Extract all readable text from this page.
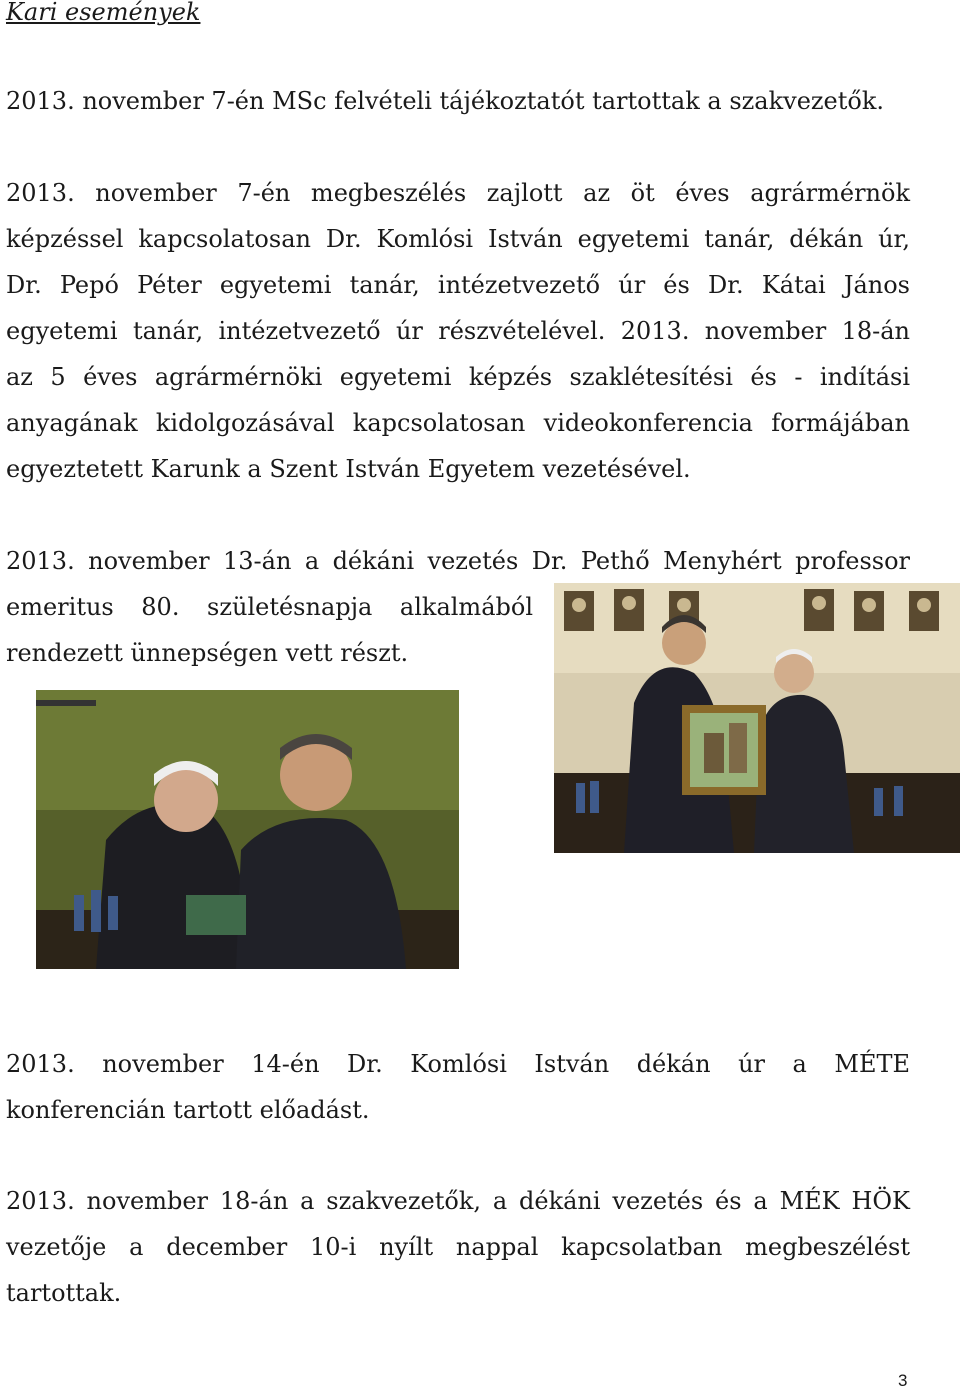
Kari események
2013. november 7-én MSc felvételi tájékoztatót tartottak a szakvezetők.
2013. november 7-én megbeszélés zajlott az öt éves agrármérnök
képzéssel kapcsolatosan Dr. Komlósi István egyetemi tanár, dékán úr,
Dr. Pepó Péter egyetemi tanár, intézetvezető úr és Dr. Kátai János
egyetemi tanár, intézetvezető úr részvételével. 2013. november 18-án
az 5 éves agrármérnöki egyetemi képzés szaklétesítési és - indítási
anyagának kidolgozásával kapcsolatosan videokonferencia formájában
egyeztetett Karunk a Szent István Egyetem vezetésével.
2013. november 13-án a dékáni vezetés Dr. Pethő Menyhért professor
emeritus 80. születésnapja alkalmából
rendezett ünnepségen vett részt.
2013. november 14-én Dr. Komlósi István dékán úr a MÉTE
konferencián tartott előadást.
2013. november 18-án a szakvezetők, a dékáni vezetés és a MÉK HÖK
vezetője a december 10-i nyílt nappal kapcsolatban megbeszélést
tartottak.
3
